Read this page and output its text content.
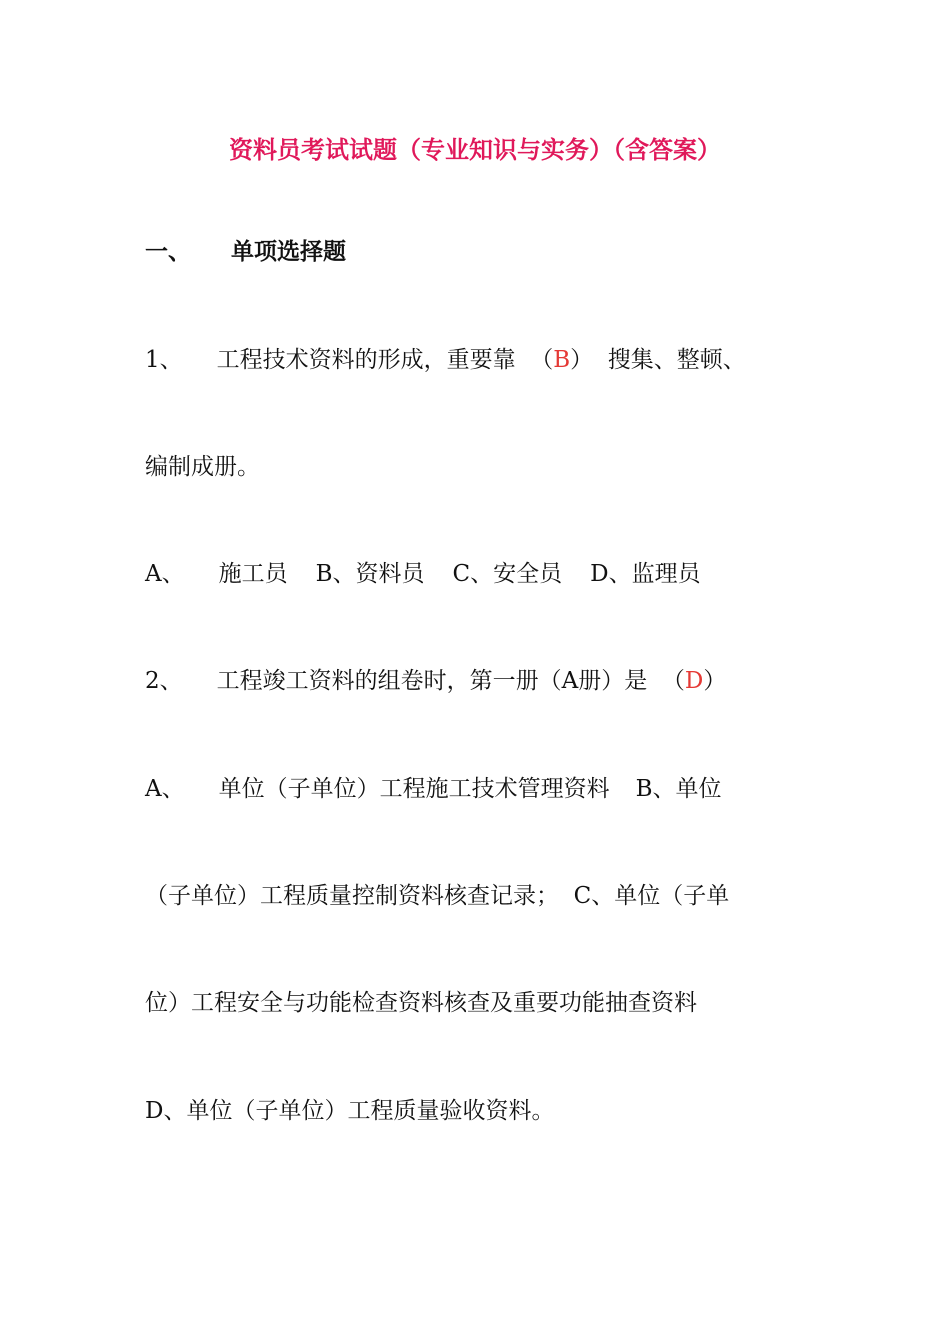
资料员考试试题（专业知识与实务）（含答案）
一、 单项选择题
1、 工程技术资料的形成，重要靠 （B） 搜集、整顿、
编制成册。
A、 施工员 B、资料员 C、安全员 D、监理员
2、 工程竣工资料的组卷时，第一册（A册）是 （D）
A、 单位（子单位）工程施工技术管理资料 B、单位
（子单位）工程质量控制资料核查记录； C、单位（子单
位）工程安全与功能检查资料核查及重要功能抽查资料
D、单位（子单位）工程质量验收资料。
